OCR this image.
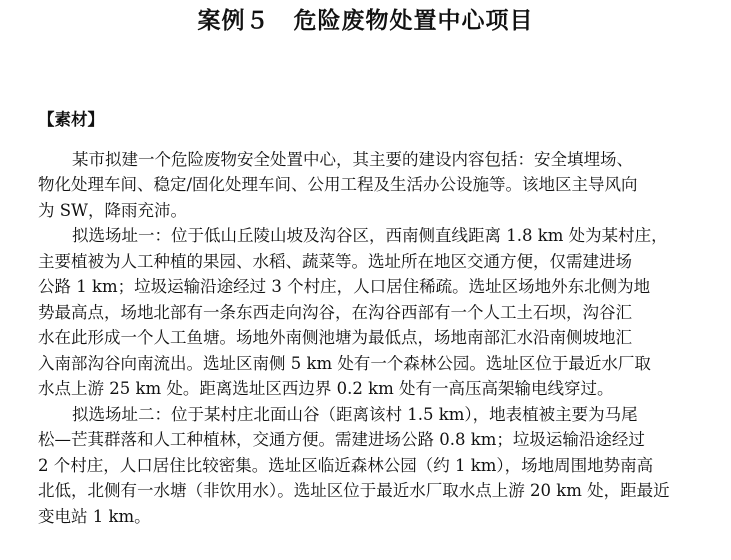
案例５　危险废物处置中心项目
【素材】
某市拟建一个危险废物安全处置中心，其主要的建设内容包括：安全填埋场、
物化处理车间、稳定/固化处理车间、公用工程及生活办公设施等。该地区主导风向
为 SW，降雨充沛。
拟选场址一：位于低山丘陵山坡及沟谷区，西南侧直线距离 1.8 km 处为某村庄，
主要植被为人工种植的果园、水稻、蔬菜等。选址所在地区交通方便，仅需建进场
公路 1 km；垃圾运输沿途经过 3 个村庄，人口居住稀疏。选址区场地外东北侧为地
势最高点，场地北部有一条东西走向沟谷，在沟谷西部有一个人工土石坝，沟谷汇
水在此形成一个人工鱼塘。场地外南侧池塘为最低点，场地南部汇水沿南侧坡地汇
入南部沟谷向南流出。选址区南侧 5 km 处有一个森林公园。选址区位于最近水厂取
水点上游 25 km 处。距离选址区西边界 0.2 km 处有一高压高架输电线穿过。
拟选场址二：位于某村庄北面山谷（距离该村 1.5 km），地表植被主要为马尾
松—芒萁群落和人工种植林，交通方便。需建进场公路 0.8 km；垃圾运输沿途经过
2 个村庄，人口居住比较密集。选址区临近森林公园（约 1 km），场地周围地势南高
北低，北侧有一水塘（非饮用水）。选址区位于最近水厂取水点上游 20 km 处，距最近
变电站 1 km。
